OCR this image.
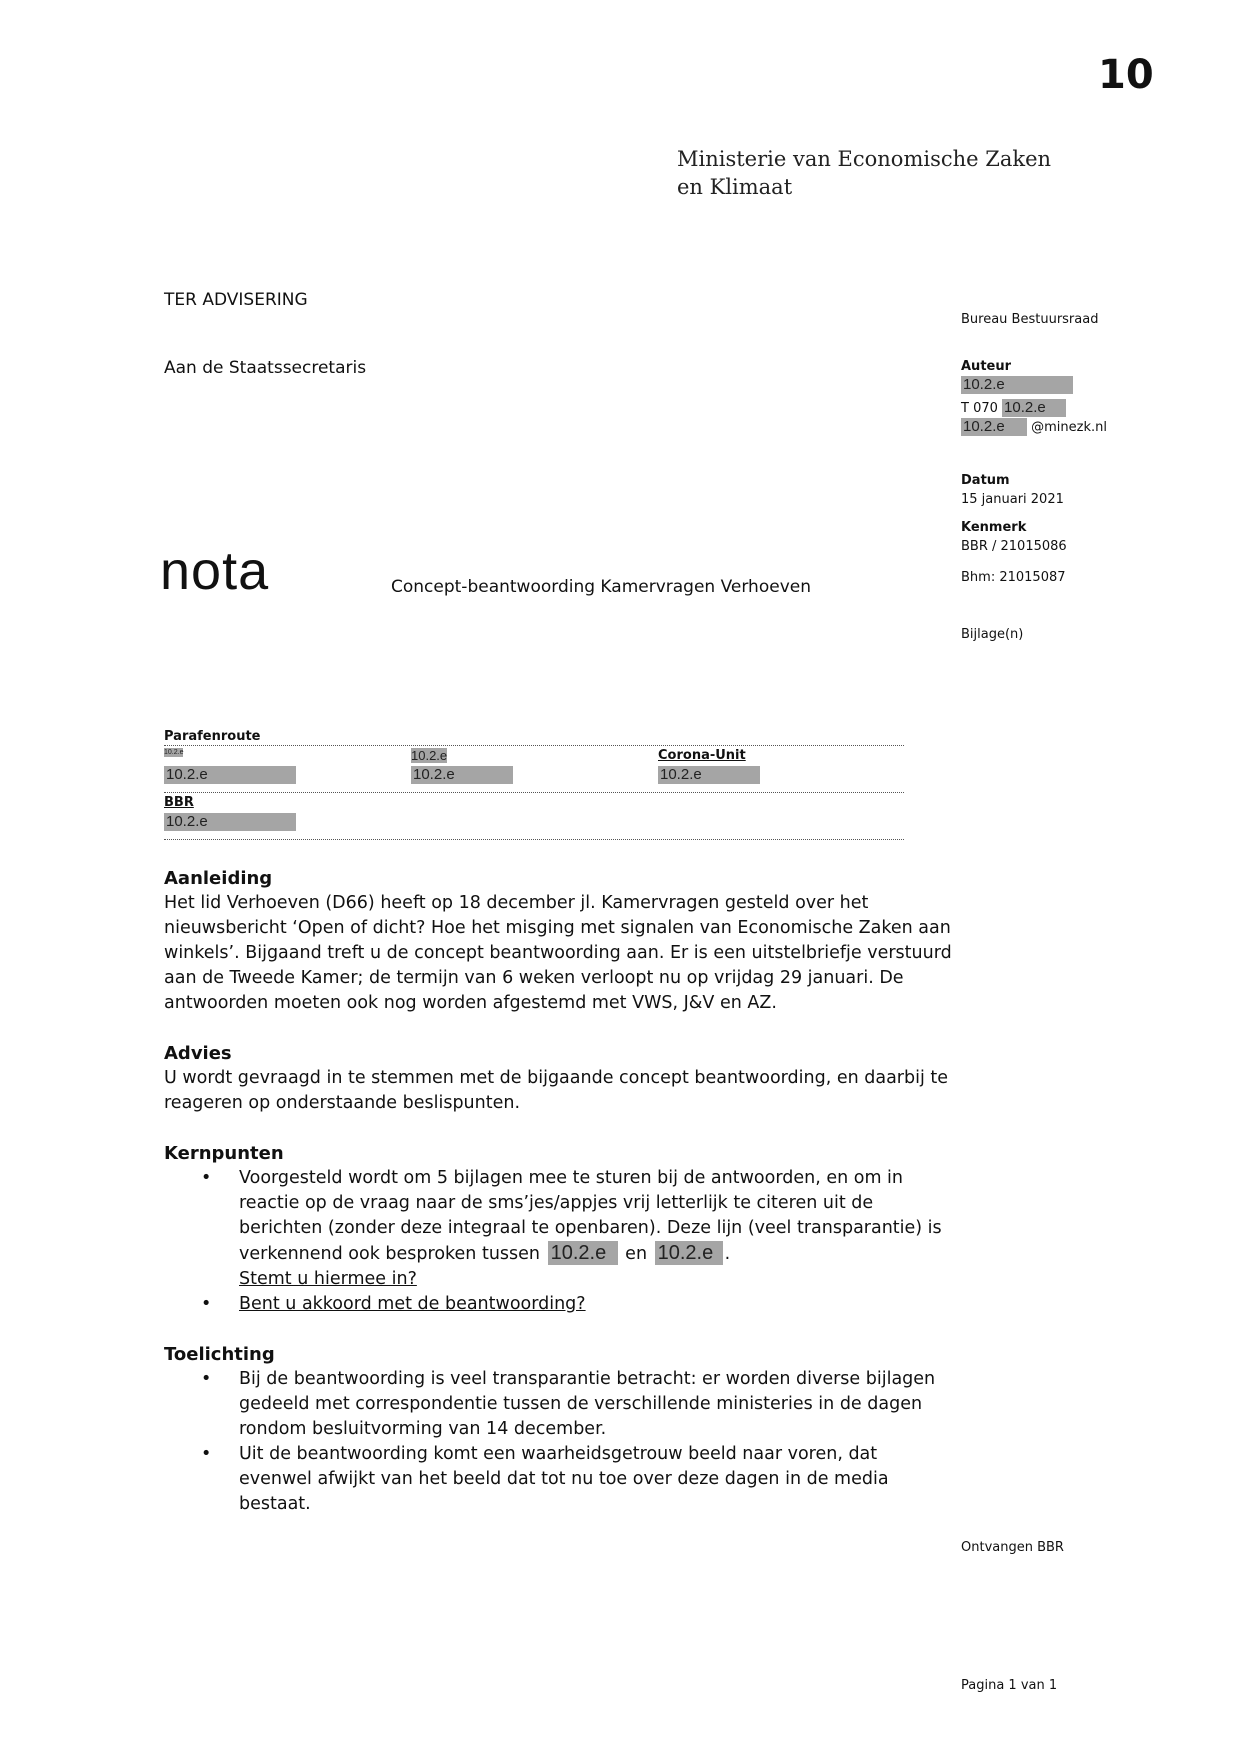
10
Ministerie van Economische Zaken
en Klimaat
TER ADVISERING
Aan de Staatssecretaris
nota	Concept-beantwoording Kamervragen Verhoeven
Bureau Bestuursraad
Auteur
10.2.e
T 070 10.2.e
10.2.e @minezk.nl
Datum
15 januari 2021
Kenmerk
BBR / 21015086
Bhm: 21015087
Bijlage(n)
Parafenroute
10.2.e
10.2.e
10.2.e
10.2.e
Corona-Unit
10.2.e
BBR
10.2.e
Aanleiding

Het lid Verhoeven (D66) heeft op 18 december jl. Kamervragen gesteld over het nieuwsbericht ‘Open of dicht? Hoe het misging met signalen van Economische Zaken aan winkels’. Bijgaand treft u de concept beantwoording aan. Er is een uitstelbriefje verstuurd aan de Tweede Kamer; de termijn van 6 weken verloopt nu op vrijdag 29 januari. De antwoorden moeten ook nog worden afgestemd met VWS, J&V en AZ.

Advies

U wordt gevraagd in te stemmen met de bijgaande concept beantwoording, en daarbij te reageren op onderstaande beslispunten.

Kernpunten
• Voorgesteld wordt om 5 bijlagen mee te sturen bij de antwoorden, en om in reactie op de vraag naar de sms’jes/appjes vrij letterlijk te citeren uit de berichten (zonder deze integraal te openbaren). Deze lijn (veel transparantie) is verkennend ook besproken tussen 10.2.e en 10.2.e .
Stemt u hiermee in?
• Bent u akkoord met de beantwoording?
Toelichting
• Bij de beantwoording is veel transparantie betracht: er worden diverse bijlagen gedeeld met correspondentie tussen de verschillende ministeries in de dagen rondom besluitvorming van 14 december.
• Uit de beantwoording komt een waarheidsgetrouw beeld naar voren, dat evenwel afwijkt van het beeld dat tot nu toe over deze dagen in de media bestaat.
Ontvangen BBR
Pagina 1 van 1
